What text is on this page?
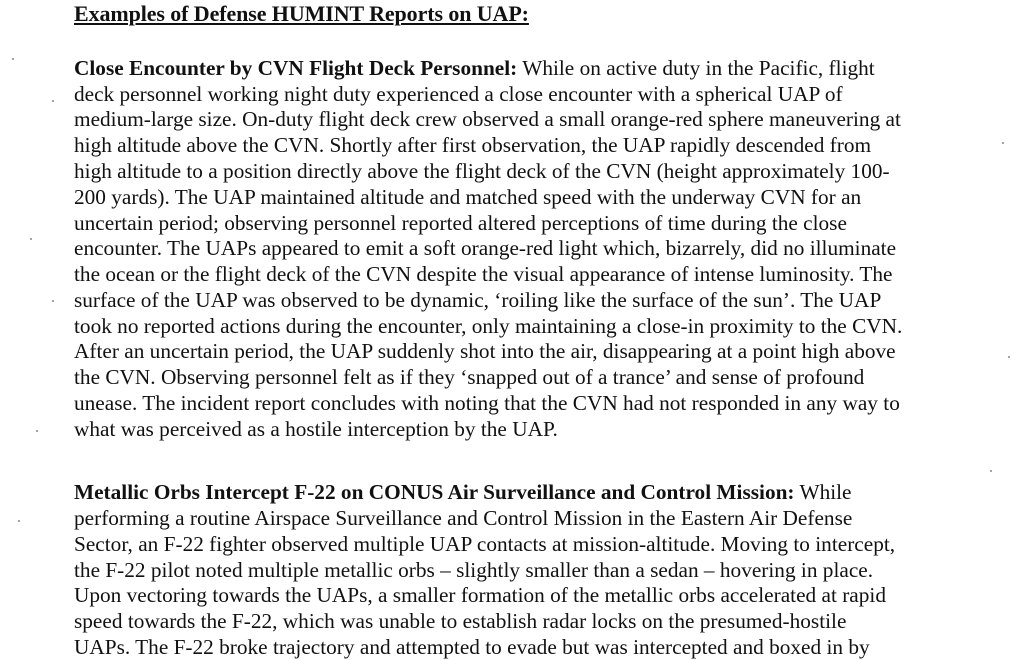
Examples of Defense HUMINT Reports on UAP:
Close Encounter by CVN Flight Deck Personnel: While on active duty in the Pacific, flight
deck personnel working night duty experienced a close encounter with a spherical UAP of
medium-large size. On-duty flight deck crew observed a small orange-red sphere maneuvering at
high altitude above the CVN. Shortly after first observation, the UAP rapidly descended from
high altitude to a position directly above the flight deck of the CVN (height approximately 100-
200 yards). The UAP maintained altitude and matched speed with the underway CVN for an
uncertain period; observing personnel reported altered perceptions of time during the close
encounter. The UAPs appeared to emit a soft orange-red light which, bizarrely, did no illuminate
the ocean or the flight deck of the CVN despite the visual appearance of intense luminosity. The
surface of the UAP was observed to be dynamic, ‘roiling like the surface of the sun’. The UAP
took no reported actions during the encounter, only maintaining a close-in proximity to the CVN.
After an uncertain period, the UAP suddenly shot into the air, disappearing at a point high above
the CVN. Observing personnel felt as if they ‘snapped out of a trance’ and sense of profound
unease. The incident report concludes with noting that the CVN had not responded in any way to
what was perceived as a hostile interception by the UAP.
Metallic Orbs Intercept F-22 on CONUS Air Surveillance and Control Mission: While
performing a routine Airspace Surveillance and Control Mission in the Eastern Air Defense
Sector, an F-22 fighter observed multiple UAP contacts at mission-altitude. Moving to intercept,
the F-22 pilot noted multiple metallic orbs – slightly smaller than a sedan – hovering in place.
Upon vectoring towards the UAPs, a smaller formation of the metallic orbs accelerated at rapid
speed towards the F-22, which was unable to establish radar locks on the presumed-hostile
UAPs. The F-22 broke trajectory and attempted to evade but was intercepted and boxed in by
